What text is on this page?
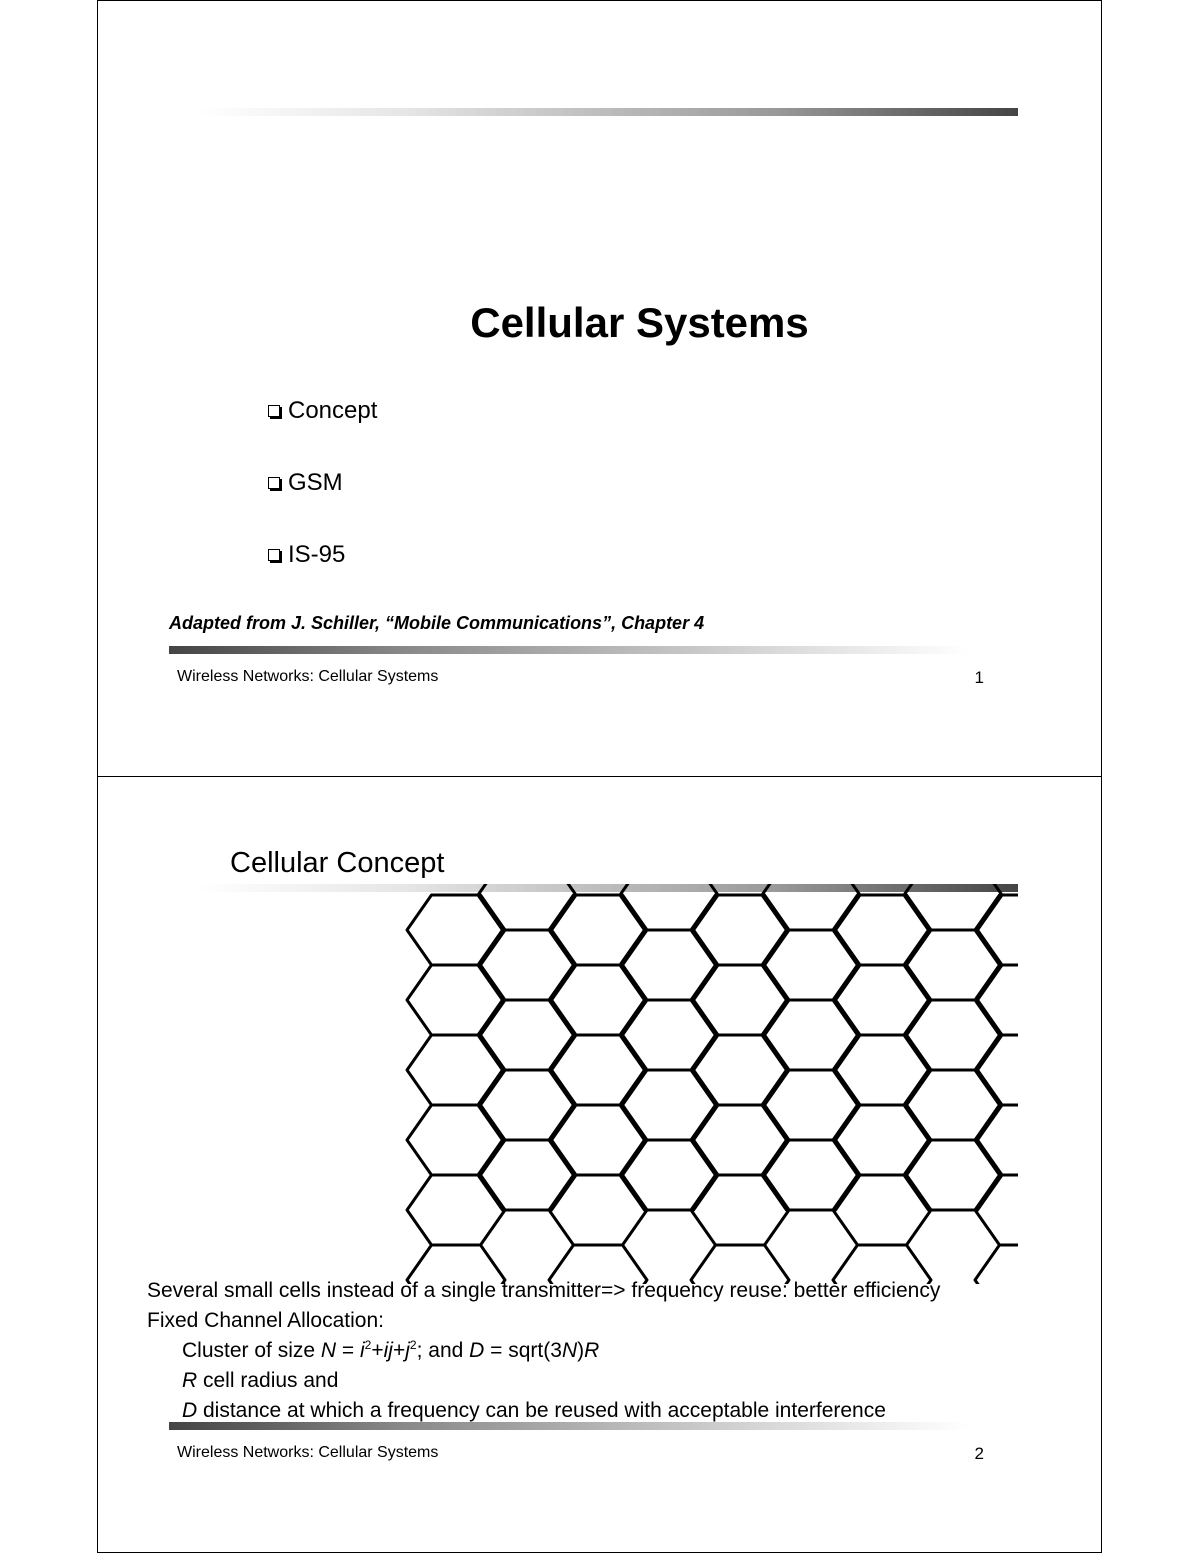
Cellular Systems
Concept
GSM
IS-95
Adapted from J. Schiller, “Mobile Communications”, Chapter 4
Wireless Networks: Cellular Systems	1
Cellular Concept
Several small cells instead of a single transmitter=> frequency reuse: better efficiency
Fixed Channel Allocation:
Cluster of size $N = i^2+ij+j^2$; and D = sqrt(3N)R
R cell radius and
D distance at which a frequency can be reused with acceptable interference
Wireless Networks: Cellular Systems	2
